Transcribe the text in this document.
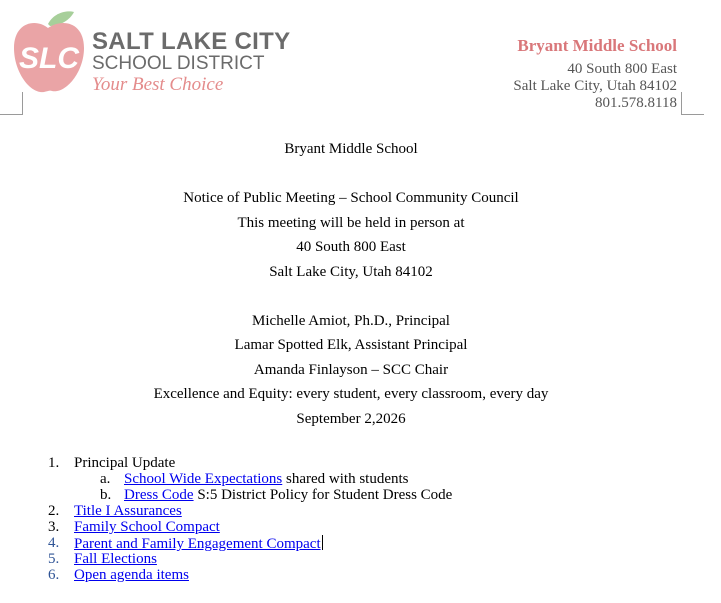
SLC
SALT LAKE CITY
SCHOOL DISTRICT
Your Best Choice
Bryant Middle School
40 South 800 East
Salt Lake City, Utah 84102
801.578.8118
Bryant Middle School
Notice of Public Meeting – School Community Council
This meeting will be held in person at
40 South 800 East
Salt Lake City, Utah 84102
Michelle Amiot, Ph.D., Principal
Lamar Spotted Elk, Assistant Principal
Amanda Finlayson – SCC Chair
Excellence and Equity: every student, every classroom, every day
September 2,2026
1. Principal Update
a. School Wide Expectations shared with students
b. Dress Code S:5 District Policy for Student Dress Code
2. Title I Assurances
3. Family School Compact
4. Parent and Family Engagement Compact
5. Fall Elections
6. Open agenda items
